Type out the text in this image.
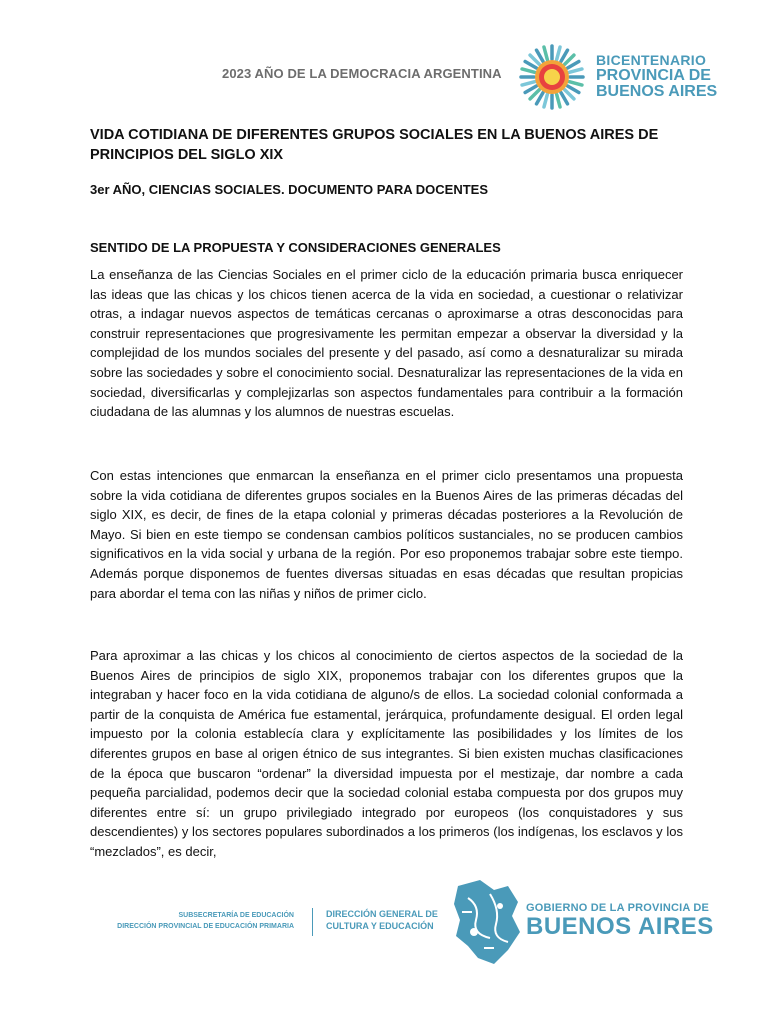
2023 AÑO DE LA DEMOCRACIA ARGENTINA
BICENTENARIO
PROVINCIA DE
BUENOS AIRES
VIDA COTIDIANA DE DIFERENTES GRUPOS SOCIALES EN LA BUENOS AIRES DE PRINCIPIOS DEL SIGLO XIX
3er AÑO, CIENCIAS SOCIALES. DOCUMENTO PARA DOCENTES
SENTIDO DE LA PROPUESTA Y CONSIDERACIONES GENERALES

La enseñanza de las Ciencias Sociales en el primer ciclo de la educación primaria busca enriquecer las ideas que las chicas y los chicos tienen acerca de la vida en sociedad, a cuestionar o relativizar otras, a indagar nuevos aspectos de temáticas cercanas o aproximarse a otras desconocidas para construir representaciones que progresivamente les permitan empezar a observar la diversidad y la complejidad de los mundos sociales del presente y del pasado, así como a desnaturalizar su mirada sobre las sociedades y sobre el conocimiento social. Desnaturalizar las representaciones de la vida en sociedad, diversificarlas y complejizarlas son aspectos fundamentales para contribuir a la formación ciudadana de las alumnas y los alumnos de nuestras escuelas.

Con estas intenciones que enmarcan la enseñanza en el primer ciclo presentamos una propuesta sobre la vida cotidiana de diferentes grupos sociales en la Buenos Aires de las primeras décadas del siglo XIX, es decir, de fines de la etapa colonial y primeras décadas posteriores a la Revolución de Mayo. Si bien en este tiempo se condensan cambios políticos sustanciales, no se producen cambios significativos en la vida social y urbana de la región. Por eso proponemos trabajar sobre este tiempo. Además porque disponemos de fuentes diversas situadas en esas décadas que resultan propicias para abordar el tema con las niñas y niños de primer ciclo.

Para aproximar a las chicas y los chicos al conocimiento de ciertos aspectos de la sociedad de la Buenos Aires de principios de siglo XIX, proponemos trabajar con los diferentes grupos que la integraban y hacer foco en la vida cotidiana de alguno/s de ellos. La sociedad colonial conformada a partir de la conquista de América fue estamental, jerárquica, profundamente desigual. El orden legal impuesto por la colonia establecía clara y explícitamente las posibilidades y los límites de los diferentes grupos en base al origen étnico de sus integrantes. Si bien existen muchas clasificaciones de la época que buscaron “ordenar” la diversidad impuesta por el mestizaje, dar nombre a cada pequeña parcialidad, podemos decir que la sociedad colonial estaba compuesta por dos grupos muy diferentes entre sí: un grupo privilegiado integrado por europeos (los conquistadores y sus descendientes) y los sectores populares subordinados a los primeros (los indígenas, los esclavos y los “mezclados”, es decir,

SUBSECRETARÍA DE EDUCACIÓN
DIRECCIÓN PROVINCIAL DE EDUCACIÓN PRIMARIA
DIRECCIÓN GENERAL DE
CULTURA Y EDUCACIÓN
GOBIERNO DE LA PROVINCIA DE
BUENOS AIRES
